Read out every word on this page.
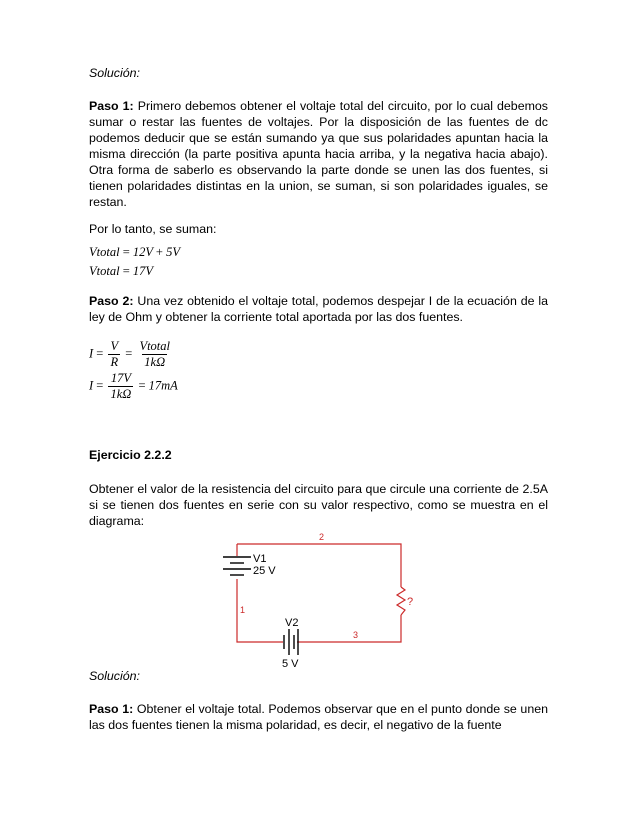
Solución:
Paso 1: Primero debemos obtener el voltaje total del circuito, por lo cual debemos sumar o restar las fuentes de voltajes. Por la disposición de las fuentes de dc podemos deducir que se están sumando ya que sus polaridades apuntan hacia la misma dirección (la parte positiva apunta hacia arriba, y la negativa hacia abajo). Otra forma de saberlo es observando la parte donde se unen las dos fuentes, si tienen polaridades distintas en la union, se suman, si son polaridades iguales, se restan.
Por lo tanto, se suman:
Vtotal = 12V + 5V
Vtotal = 17V
Paso 2: Una vez obtenido el voltaje total, podemos despejar I de la ecuación de la ley de Ohm y obtener la corriente total aportada por las dos fuentes.
$I = \frac{V}{R} = \frac{\text{Vtotal}}{1k\Omega}$
$I = \frac{17V}{1k\Omega} = 17mA$
Ejercicio 2.2.2
Obtener el valor de la resistencia del circuito para que circule una corriente de 2.5A si se tienen dos fuentes en serie con su valor respectivo, como se muestra en el diagrama:
V1
25 V
V2
5 V
1
2
3
?
Solución:
Paso 1: Obtener el voltaje total. Podemos observar que en el punto donde se unen las dos fuentes tienen la misma polaridad, es decir, el negativo de la fuente
